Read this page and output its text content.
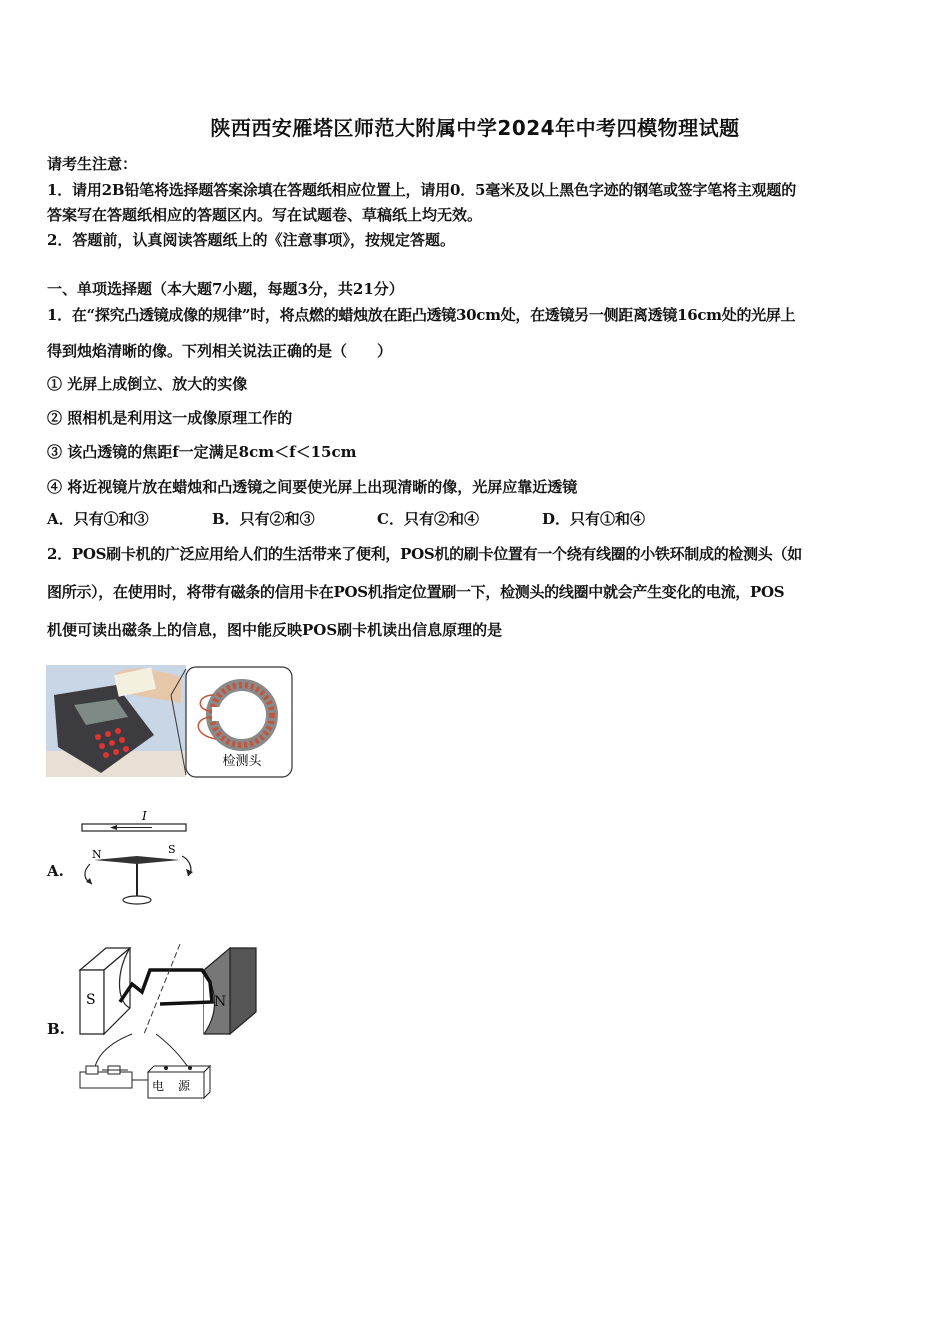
陕西西安雁塔区师范大附属中学2024年中考四模物理试题
请考生注意：
1．请用2B铅笔将选择题答案涂填在答题纸相应位置上，请用0．5毫米及以上黑色字迹的钢笔或签字笔将主观题的
答案写在答题纸相应的答题区内。写在试题卷、草稿纸上均无效。
2．答题前，认真阅读答题纸上的《注意事项》，按规定答题。
一、单项选择题（本大题7小题，每题3分，共21分）
1．在“探究凸透镜成像的规律”时，将点燃的蜡烛放在距凸透镜30cm处，在透镜另一侧距离透镜16cm处的光屏上
得到烛焰清晰的像。下列相关说法正确的是（　　）
① 光屏上成倒立、放大的实像
② 照相机是利用这一成像原理工作的
③ 该凸透镜的焦距f一定满足8cm＜f＜15cm
④ 将近视镜片放在蜡烛和凸透镜之间要使光屏上出现清晰的像，光屏应靠近透镜
A．只有①和③	B．只有②和③	C．只有②和④	D．只有①和④
2．POS刷卡机的广泛应用给人们的生活带来了便利，POS机的刷卡位置有一个绕有线圈的小铁环制成的检测头（如
图所示），在使用时，将带有磁条的信用卡在POS机指定位置刷一下，检测头的线圈中就会产生变化的电流，POS
机便可读出磁条上的信息，图中能反映POS刷卡机读出信息原理的是
检测头
A.
I
N	S
B.
S	N
电 源
